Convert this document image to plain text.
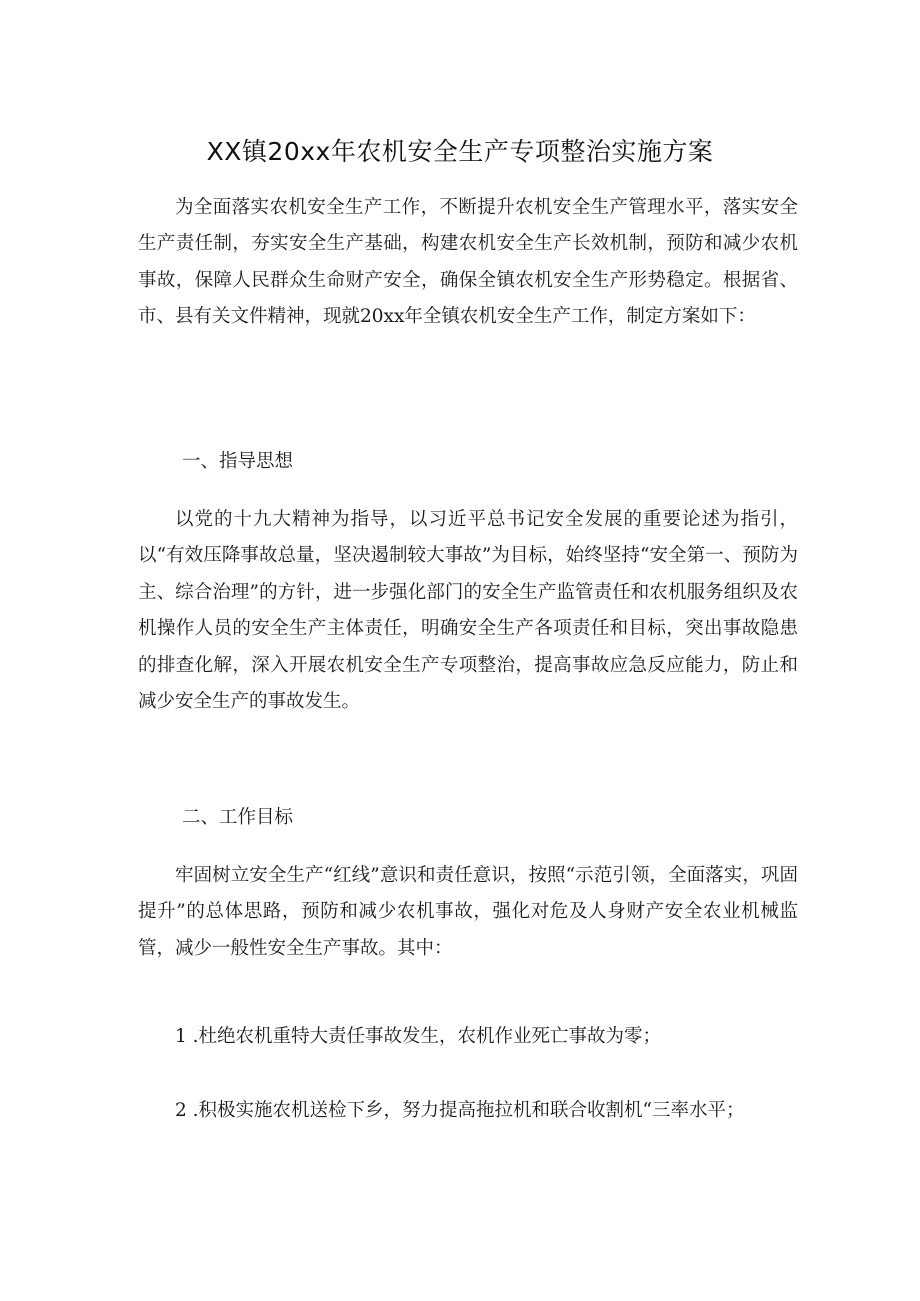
XX镇20xx年农机安全生产专项整治实施方案

为全面落实农机安全生产工作，不断提升农机安全生产管理水平，落实安全生产责任制，夯实安全生产基础，构建农机安全生产长效机制，预防和减少农机事故，保障人民群众生命财产安全，确保全镇农机安全生产形势稳定。根据省、市、县有关文件精神，现就20xx年全镇农机安全生产工作，制定方案如下：

一、指导思想

以党的十九大精神为指导，以习近平总书记安全发展的重要论述为指引，以“有效压降事故总量，坚决遏制较大事故”为目标，始终坚持“安全第一、预防为主、综合治理”的方针，进一步强化部门的安全生产监管责任和农机服务组织及农机操作人员的安全生产主体责任，明确安全生产各项责任和目标，突出事故隐患的排查化解，深入开展农机安全生产专项整治，提高事故应急反应能力，防止和减少安全生产的事故发生。

二、工作目标

牢固树立安全生产“红线”意识和责任意识，按照“示范引领，全面落实，巩固提升”的总体思路，预防和减少农机事故，强化对危及人身财产安全农业机械监管，减少一般性安全生产事故。其中：

1 .杜绝农机重特大责任事故发生，农机作业死亡事故为零；

2 .积极实施农机送检下乡，努力提高拖拉机和联合收割机“三率水平；
